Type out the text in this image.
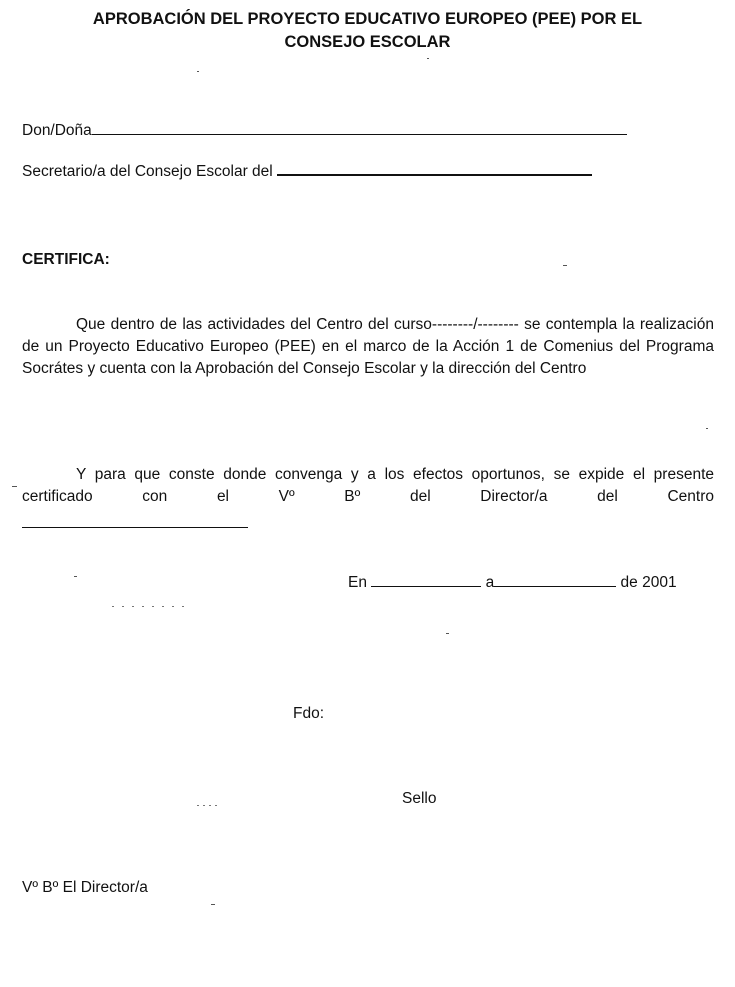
APROBACIÓN DEL PROYECTO EDUCATIVO EUROPEO (PEE) POR EL
CONSEJO ESCOLAR
Don/Doña
Secretario/a del Consejo Escolar del
CERTIFICA:
Que dentro de las actividades del Centro del curso--------/-------- se contempla la realización de un Proyecto Educativo Europeo (PEE) en el marco de la Acción 1 de Comenius del Programa Socrátes y cuenta con la Aprobación del Consejo Escolar y la dirección del Centro
Y para que conste donde convenga y a los efectos oportunos, se expide el presente certificado con el Vº Bº del Director/a del Centro
En	a	de 2001
Fdo:
Sello
Vº Bº El Director/a
